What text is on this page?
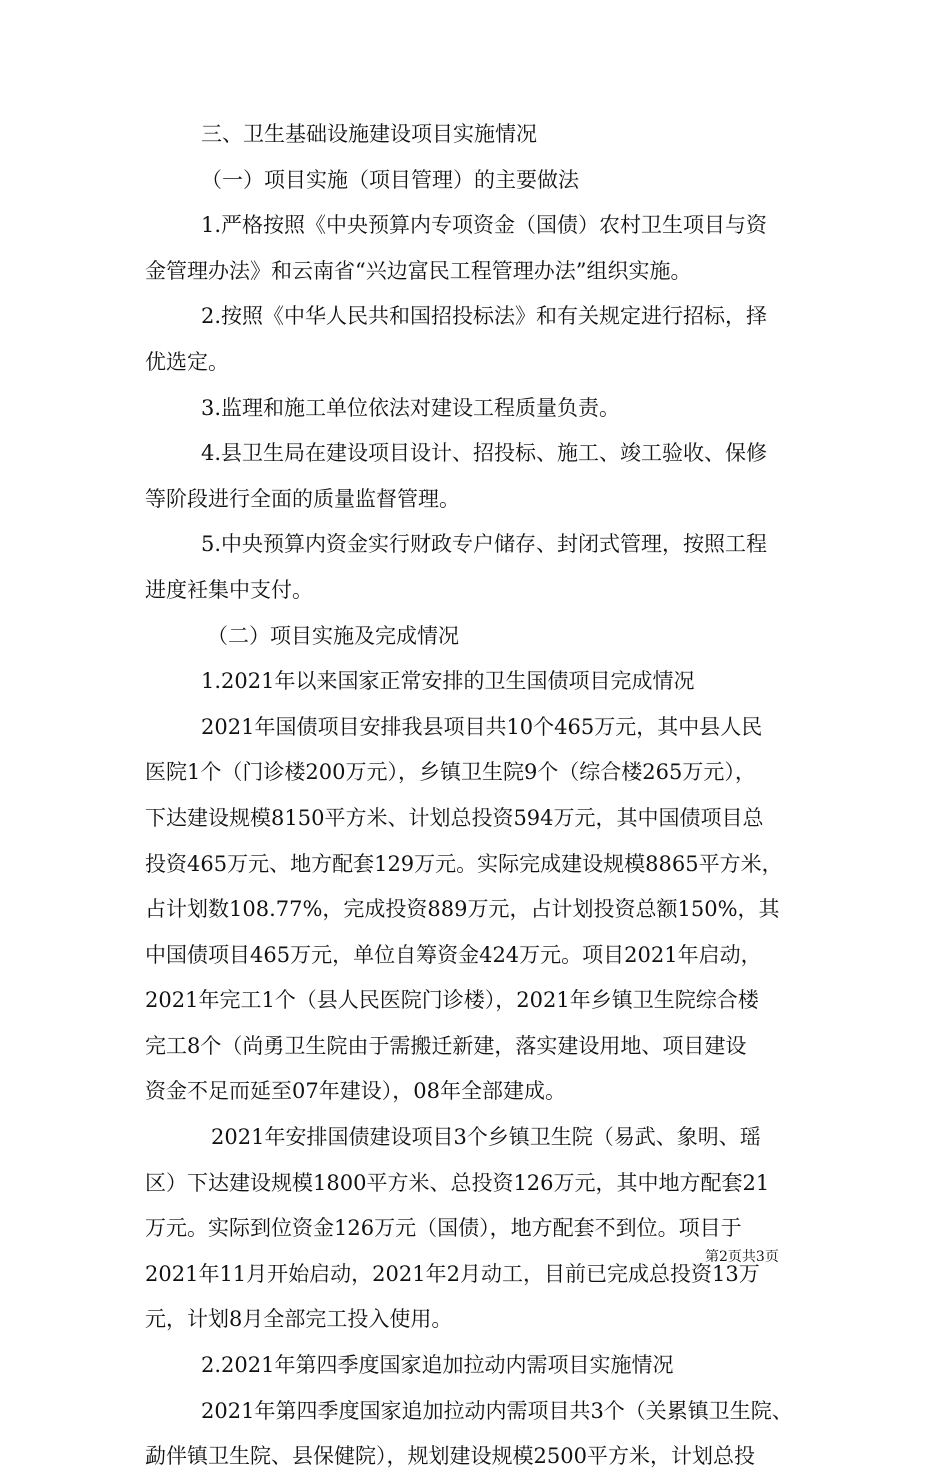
三、卫生基础设施建设项目实施情况
（一）项目实施（项目管理）的主要做法
1.严格按照《中央预算内专项资金（国债）农村卫生项目与资
金管理办法》和云南省“兴边富民工程管理办法”组织实施。
2.按照《中华人民共和国招投标法》和有关规定进行招标，择
优选定。
3.监理和施工单位依法对建设工程质量负责。
4.县卫生局在建设项目设计、招投标、施工、竣工验收、保修
等阶段进行全面的质量监督管理。
5.中央预算内资金实行财政专户储存、封闭式管理，按照工程
进度衽集中支付。
（二）项目实施及完成情况
1.2021年以来国家正常安排的卫生国债项目完成情况
2021年国债项目安排我县项目共10个465万元，其中县人民
医院1个（门诊楼200万元），乡镇卫生院9个（综合楼265万元），
下达建设规模8150平方米、计划总投资594万元，其中国债项目总
投资465万元、地方配套129万元。实际完成建设规模8865平方米，
占计划数108.77%，完成投资889万元，占计划投资总额150%，其
中国债项目465万元，单位自筹资金424万元。项目2021年启动，
2021年完工1个（县人民医院门诊楼），2021年乡镇卫生院综合楼
完工8个（尚勇卫生院由于需搬迁新建，落实建设用地、项目建设
资金不足而延至07年建设），08年全部建成。
2021年安排国债建设项目3个乡镇卫生院（易武、象明、瑶
区）下达建设规模1800平方米、总投资126万元，其中地方配套21
万元。实际到位资金126万元（国债），地方配套不到位。项目于
2021年11月开始启动，2021年2月动工，目前已完成总投资13万
元，计划8月全部完工投入使用。
2.2021年第四季度国家追加拉动内需项目实施情况
2021年第四季度国家追加拉动内需项目共3个（关累镇卫生院、
勐伴镇卫生院、县保健院），规划建设规模2500平方米，计划总投
第2页共3页
